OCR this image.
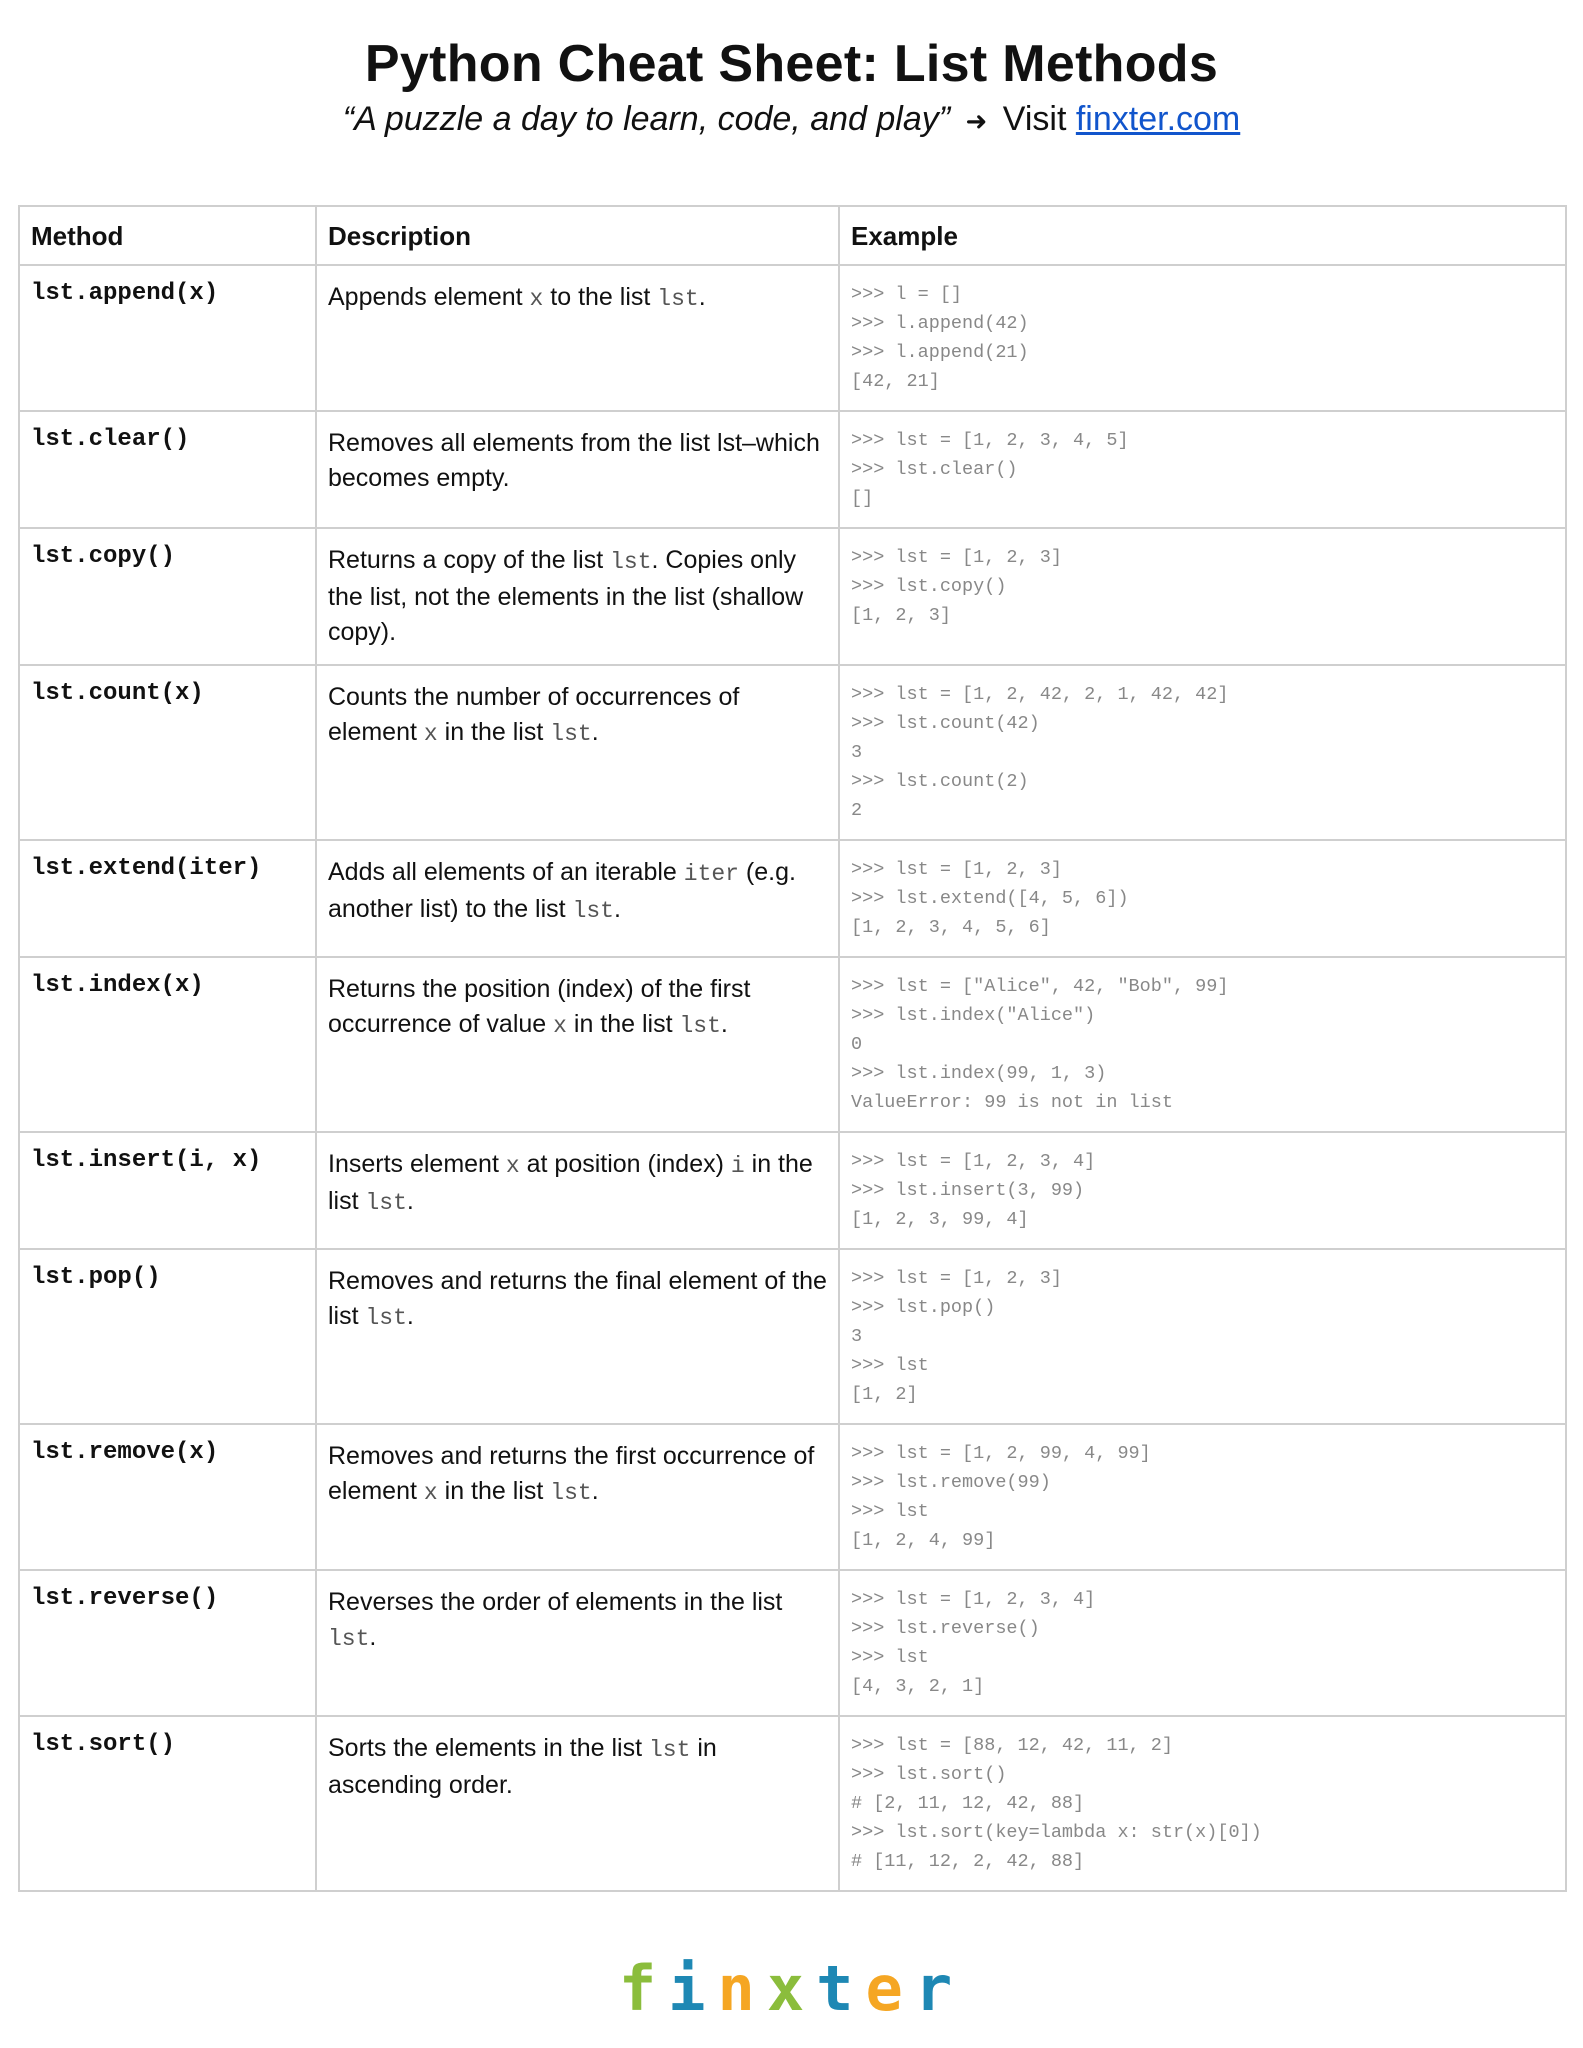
Python Cheat Sheet: List Methods
“A puzzle a day to learn, code, and play” ➜ Visit finxter.com
Method	Description	Example
lst.append(x)	Appends element x to the list lst.	>>> l = []
>>> l.append(42)
>>> l.append(21)
[42, 21]

lst.clear()	Removes all elements from the list lst–which becomes empty.	>>> lst = [1, 2, 3, 4, 5]
>>> lst.clear()
[]

lst.copy()	Returns a copy of the list lst. Copies only the list, not the elements in the list (shallow copy).	>>> lst = [1, 2, 3]
>>> lst.copy()
[1, 2, 3]

lst.count(x)	Counts the number of occurrences of element x in the list lst.	>>> lst = [1, 2, 42, 2, 1, 42, 42]
>>> lst.count(42)
3
>>> lst.count(2)
2

lst.extend(iter)	Adds all elements of an iterable iter (e.g. another list) to the list lst.	>>> lst = [1, 2, 3]
>>> lst.extend([4, 5, 6])
[1, 2, 3, 4, 5, 6]

lst.index(x)	Returns the position (index) of the first occurrence of value x in the list lst.	>>> lst = ["Alice", 42, "Bob", 99]
>>> lst.index("Alice")
0
>>> lst.index(99, 1, 3)
ValueError: 99 is not in list

lst.insert(i, x)	Inserts element x at position (index) i in the list lst.	>>> lst = [1, 2, 3, 4]
>>> lst.insert(3, 99)
[1, 2, 3, 99, 4]

lst.pop()	Removes and returns the final element of the list lst.	>>> lst = [1, 2, 3]
>>> lst.pop()
3
>>> lst
[1, 2]

lst.remove(x)	Removes and returns the first occurrence of element x in the list lst.	>>> lst = [1, 2, 99, 4, 99]
>>> lst.remove(99)
>>> lst
[1, 2, 4, 99]

lst.reverse()	Reverses the order of elements in the list lst.	>>> lst = [1, 2, 3, 4]
>>> lst.reverse()
>>> lst
[4, 3, 2, 1]

lst.sort()	Sorts the elements in the list lst in ascending order.	>>> lst = [88, 12, 42, 11, 2]
>>> lst.sort()
# [2, 11, 12, 42, 88]
>>> lst.sort(key=lambda x: str(x)[0])
# [11, 12, 2, 42, 88]
finxter
